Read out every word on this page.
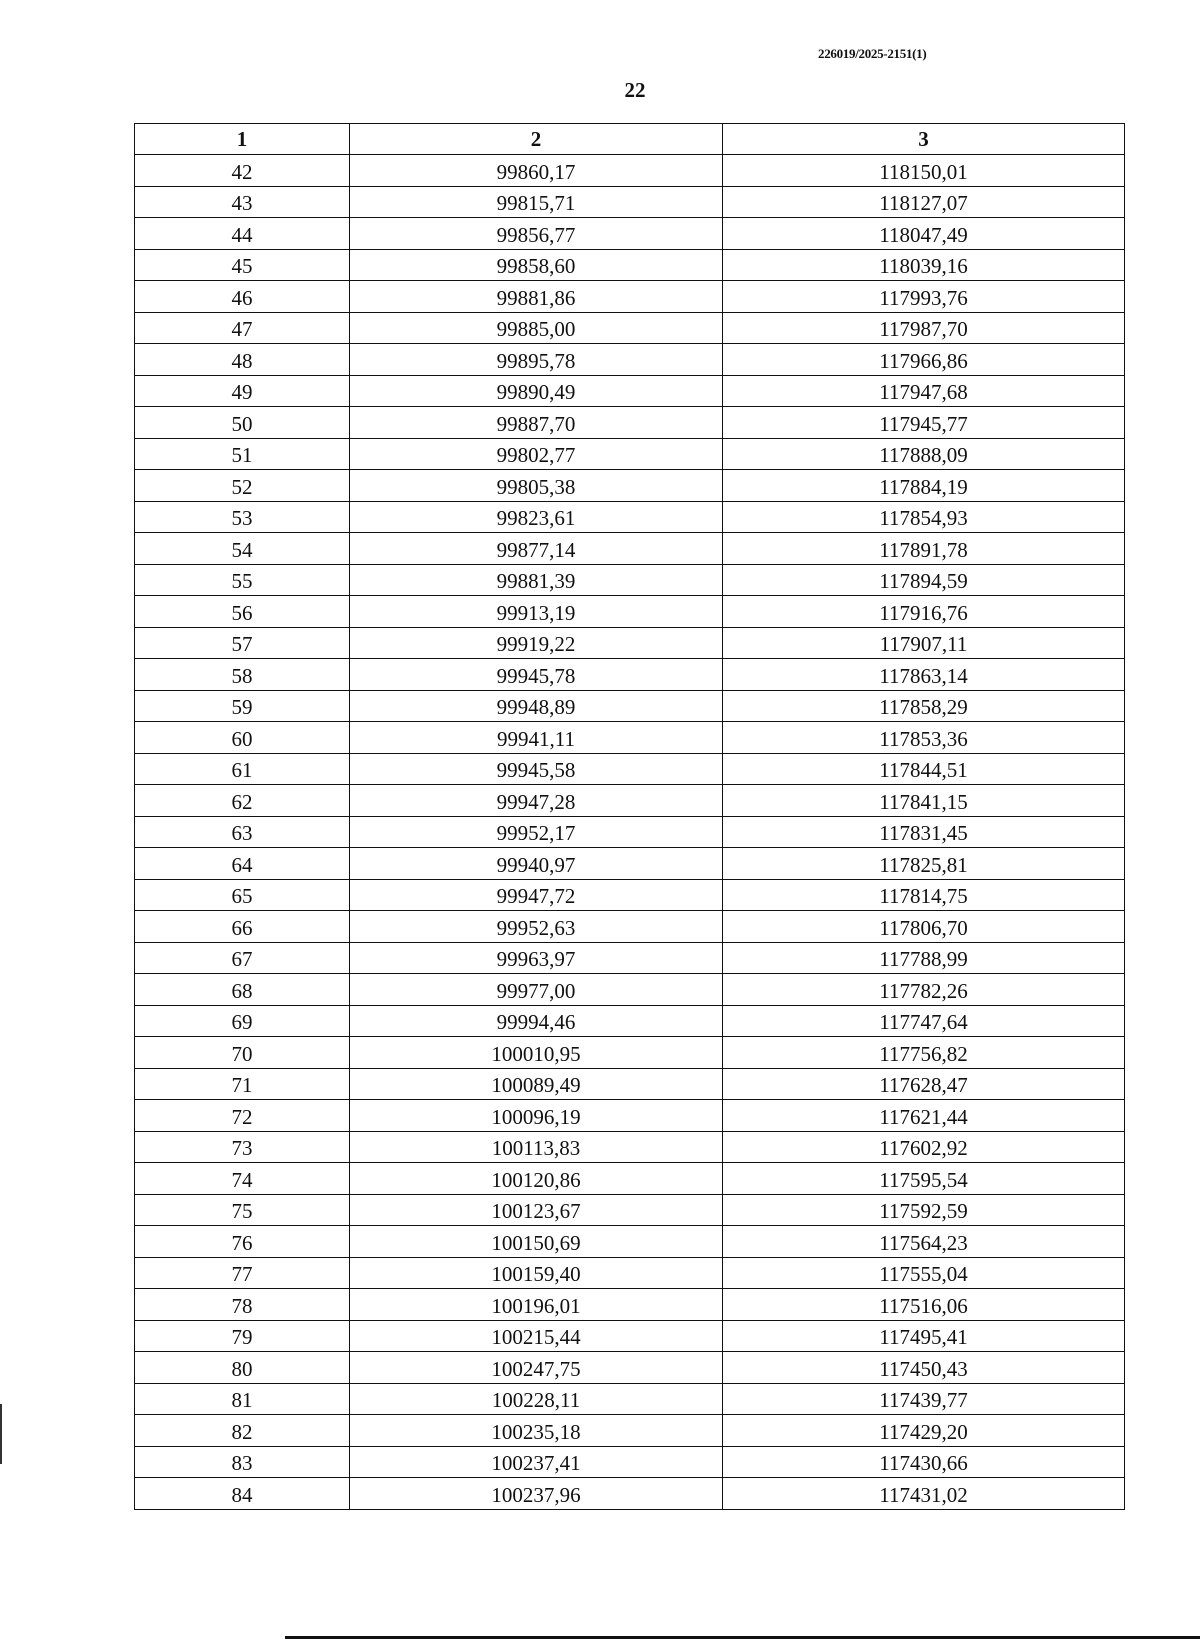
226019/2025-2151(1)
22
1	2	3
42	99860,17	118150,01
43	99815,71	118127,07
44	99856,77	118047,49
45	99858,60	118039,16
46	99881,86	117993,76
47	99885,00	117987,70
48	99895,78	117966,86
49	99890,49	117947,68
50	99887,70	117945,77
51	99802,77	117888,09
52	99805,38	117884,19
53	99823,61	117854,93
54	99877,14	117891,78
55	99881,39	117894,59
56	99913,19	117916,76
57	99919,22	117907,11
58	99945,78	117863,14
59	99948,89	117858,29
60	99941,11	117853,36
61	99945,58	117844,51
62	99947,28	117841,15
63	99952,17	117831,45
64	99940,97	117825,81
65	99947,72	117814,75
66	99952,63	117806,70
67	99963,97	117788,99
68	99977,00	117782,26
69	99994,46	117747,64
70	100010,95	117756,82
71	100089,49	117628,47
72	100096,19	117621,44
73	100113,83	117602,92
74	100120,86	117595,54
75	100123,67	117592,59
76	100150,69	117564,23
77	100159,40	117555,04
78	100196,01	117516,06
79	100215,44	117495,41
80	100247,75	117450,43
81	100228,11	117439,77
82	100235,18	117429,20
83	100237,41	117430,66
84	100237,96	117431,02
